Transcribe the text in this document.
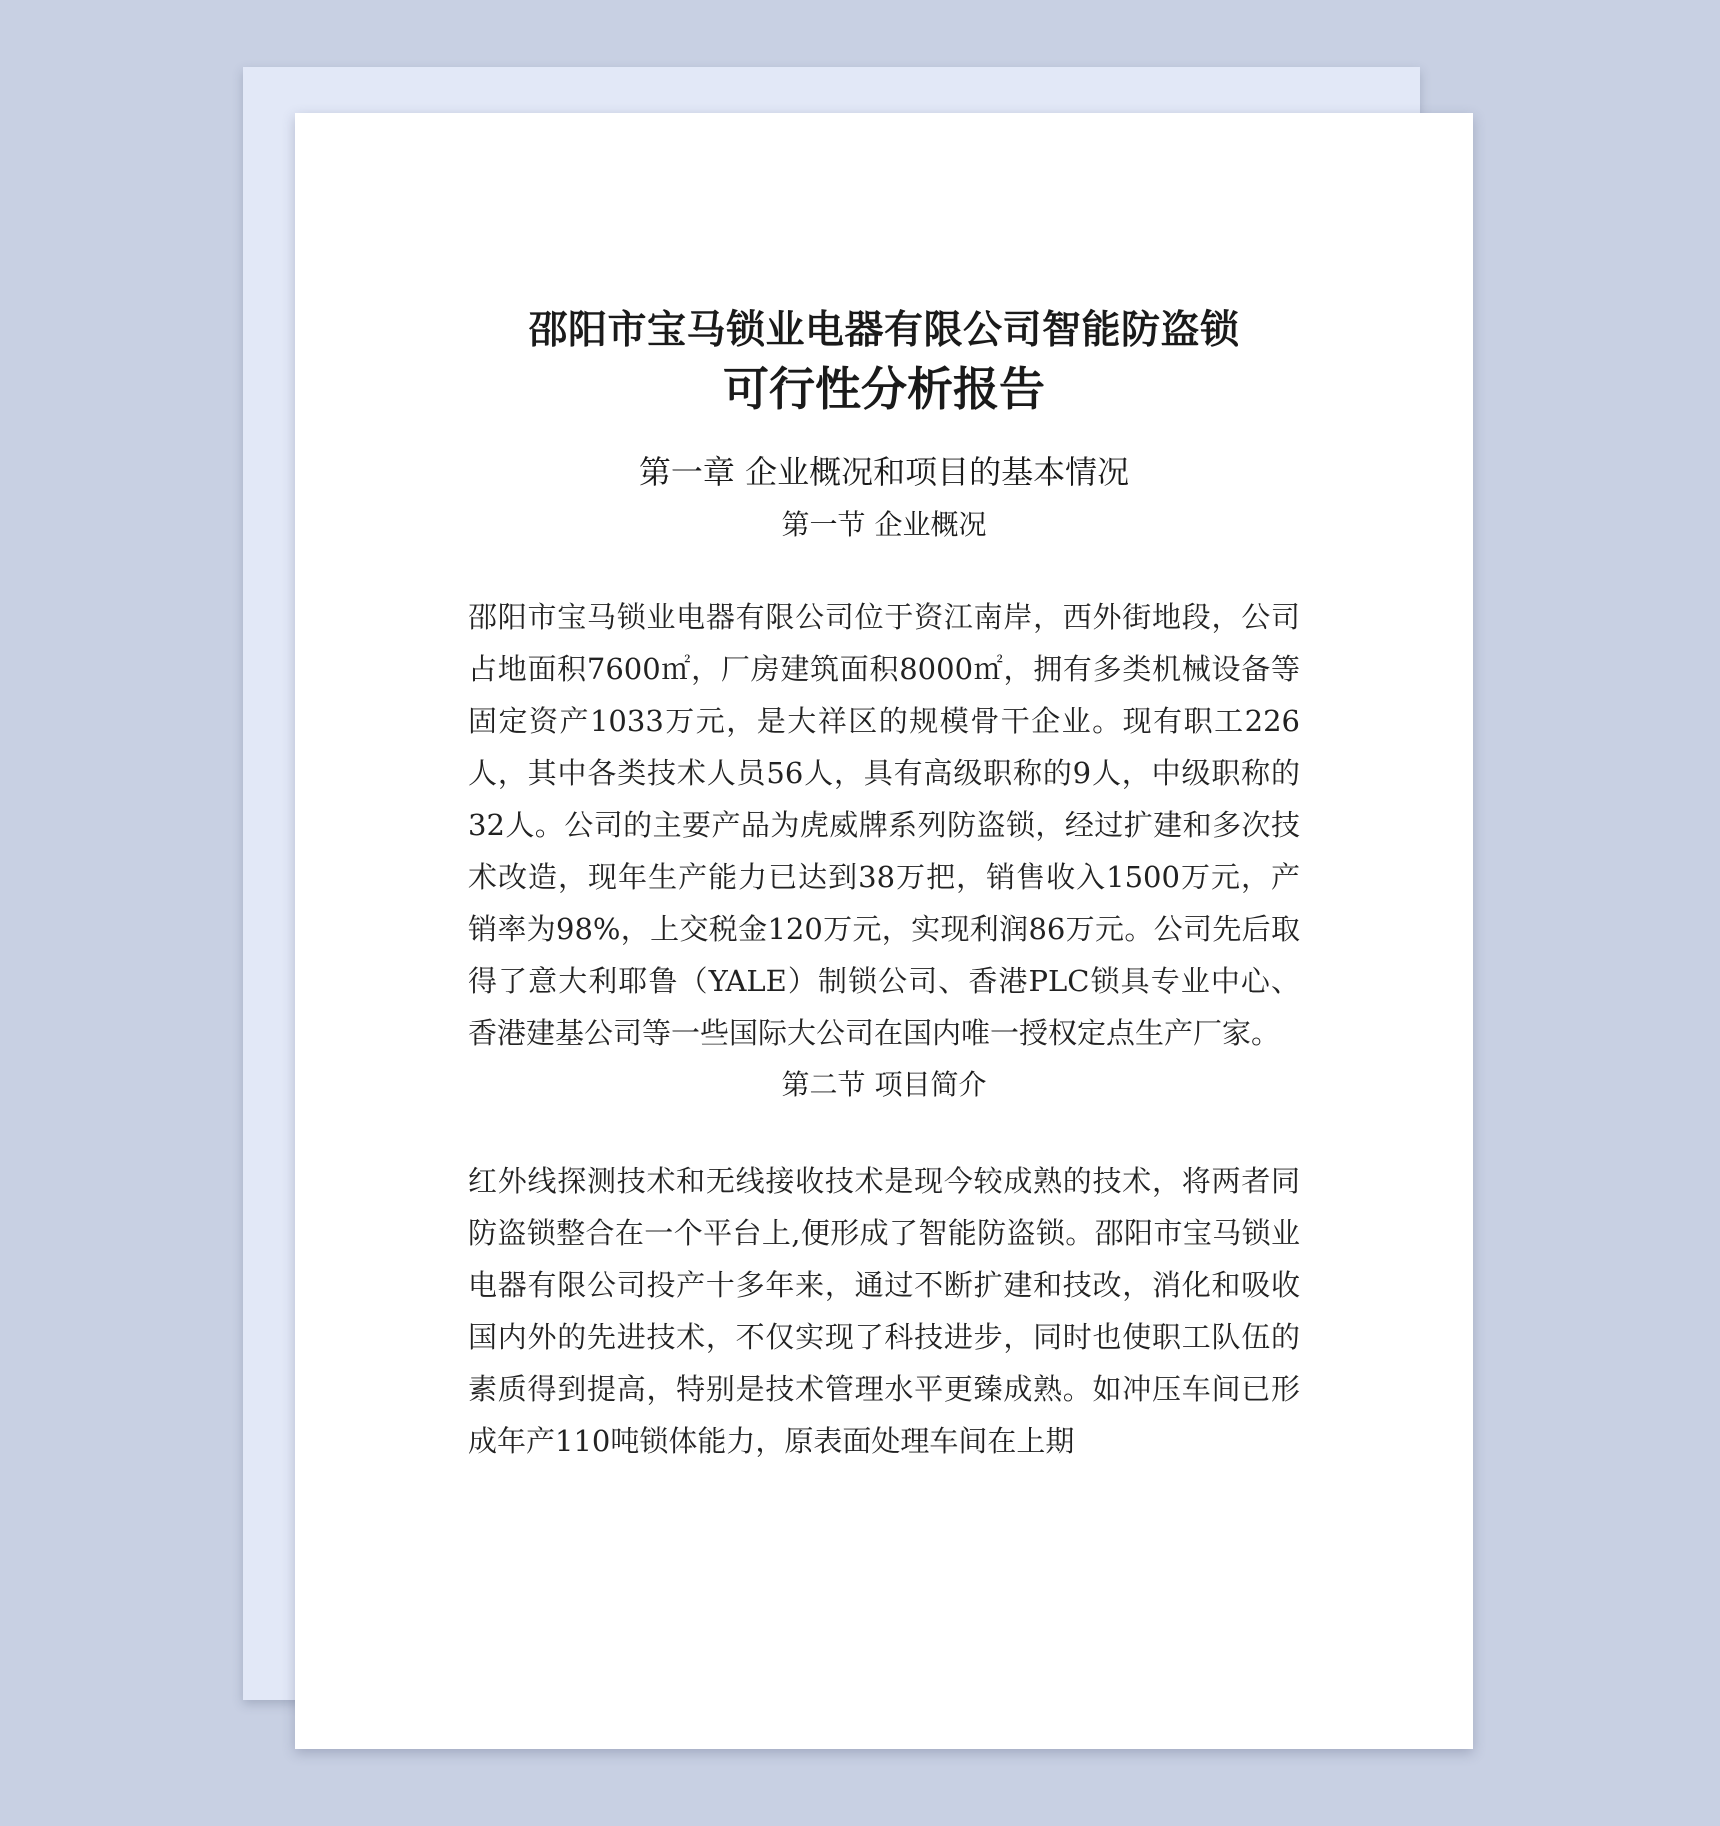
邵阳市宝马锁业电器有限公司智能防盗锁
可行性分析报告
第一章 企业概况和项目的基本情况
第一节 企业概况

邵阳市宝马锁业电器有限公司位于资江南岸，西外街地段，公司占地面积7600㎡，厂房建筑面积8000㎡，拥有多类机械设备等固定资产1033万元，是大祥区的规模骨干企业。现有职工226人，其中各类技术人员56人，具有高级职称的9人，中级职称的32人。公司的主要产品为虎威牌系列防盗锁，经过扩建和多次技术改造，现年生产能力已达到38万把，销售收入1500万元，产销率为98%，上交税金120万元，实现利润86万元。公司先后取得了意大利耶鲁（YALE）制锁公司、香港PLC锁具专业中心、香港建基公司等一些国际大公司在国内唯一授权定点生产厂家。

第二节 项目简介

红外线探测技术和无线接收技术是现今较成熟的技术，将两者同防盗锁整合在一个平台上,便形成了智能防盗锁。邵阳市宝马锁业电器有限公司投产十多年来，通过不断扩建和技改，消化和吸收国内外的先进技术，不仅实现了科技进步，同时也使职工队伍的素质得到提高，特别是技术管理水平更臻成熟。如冲压车间已形成年产110吨锁体能力，原表面处理车间在上期
